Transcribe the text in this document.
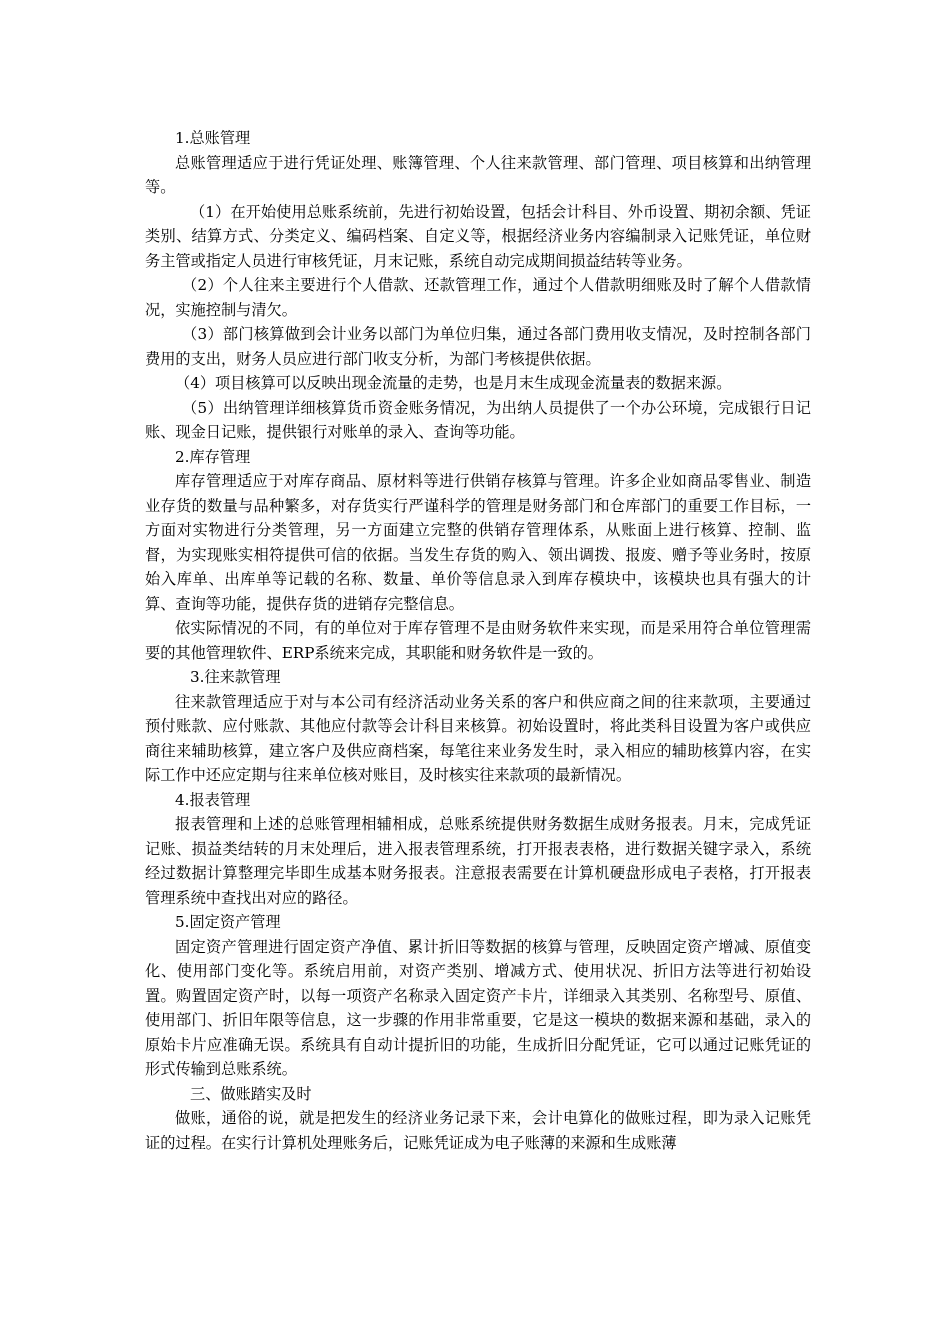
1.总账管理

总账管理适应于进行凭证处理、账簿管理、个人往来款管理、部门管理、项目核算和出纳管理等。

（1）在开始使用总账系统前，先进行初始设置，包括会计科目、外币设置、期初余额、凭证类别、结算方式、分类定义、编码档案、自定义等，根据经济业务内容编制录入记账凭证，单位财务主管或指定人员进行审核凭证，月末记账，系统自动完成期间损益结转等业务。

（2）个人往来主要进行个人借款、还款管理工作，通过个人借款明细账及时了解个人借款情况，实施控制与清欠。

（3）部门核算做到会计业务以部门为单位归集，通过各部门费用收支情况，及时控制各部门费用的支出，财务人员应进行部门收支分析，为部门考核提供依据。

（4）项目核算可以反映出现金流量的走势，也是月末生成现金流量表的数据来源。

（5）出纳管理详细核算货币资金账务情况，为出纳人员提供了一个办公环境，完成银行日记账、现金日记账，提供银行对账单的录入、查询等功能。

2.库存管理

库存管理适应于对库存商品、原材料等进行供销存核算与管理。许多企业如商品零售业、制造业存货的数量与品种繁多，对存货实行严谨科学的管理是财务部门和仓库部门的重要工作目标，一方面对实物进行分类管理，另一方面建立完整的供销存管理体系，从账面上进行核算、控制、监督，为实现账实相符提供可信的依据。当发生存货的购入、领出调拨、报废、赠予等业务时，按原始入库单、出库单等记载的名称、数量、单价等信息录入到库存模块中，该模块也具有强大的计算、查询等功能，提供存货的进销存完整信息。

依实际情况的不同，有的单位对于库存管理不是由财务软件来实现，而是采用符合单位管理需要的其他管理软件、ERP系统来完成，其职能和财务软件是一致的。

3.往来款管理

往来款管理适应于对与本公司有经济活动业务关系的客户和供应商之间的往来款项，主要通过预付账款、应付账款、其他应付款等会计科目来核算。初始设置时，将此类科目设置为客户或供应商往来辅助核算，建立客户及供应商档案，每笔往来业务发生时，录入相应的辅助核算内容，在实际工作中还应定期与往来单位核对账目，及时核实往来款项的最新情况。

4.报表管理

报表管理和上述的总账管理相辅相成，总账系统提供财务数据生成财务报表。月末，完成凭证记账、损益类结转的月末处理后，进入报表管理系统，打开报表表格，进行数据关键字录入，系统经过数据计算整理完毕即生成基本财务报表。注意报表需要在计算机硬盘形成电子表格，打开报表管理系统中查找出对应的路径。

5.固定资产管理

固定资产管理进行固定资产净值、累计折旧等数据的核算与管理，反映固定资产增减、原值变化、使用部门变化等。系统启用前，对资产类别、增减方式、使用状况、折旧方法等进行初始设置。购置固定资产时，以每一项资产名称录入固定资产卡片，详细录入其类别、名称型号、原值、使用部门、折旧年限等信息，这一步骤的作用非常重要，它是这一模块的数据来源和基础，录入的原始卡片应准确无误。系统具有自动计提折旧的功能，生成折旧分配凭证，它可以通过记账凭证的形式传输到总账系统。

三、做账踏实及时

做账，通俗的说，就是把发生的经济业务记录下来，会计电算化的做账过程，即为录入记账凭证的过程。在实行计算机处理账务后，记账凭证成为电子账薄的来源和生成账薄
